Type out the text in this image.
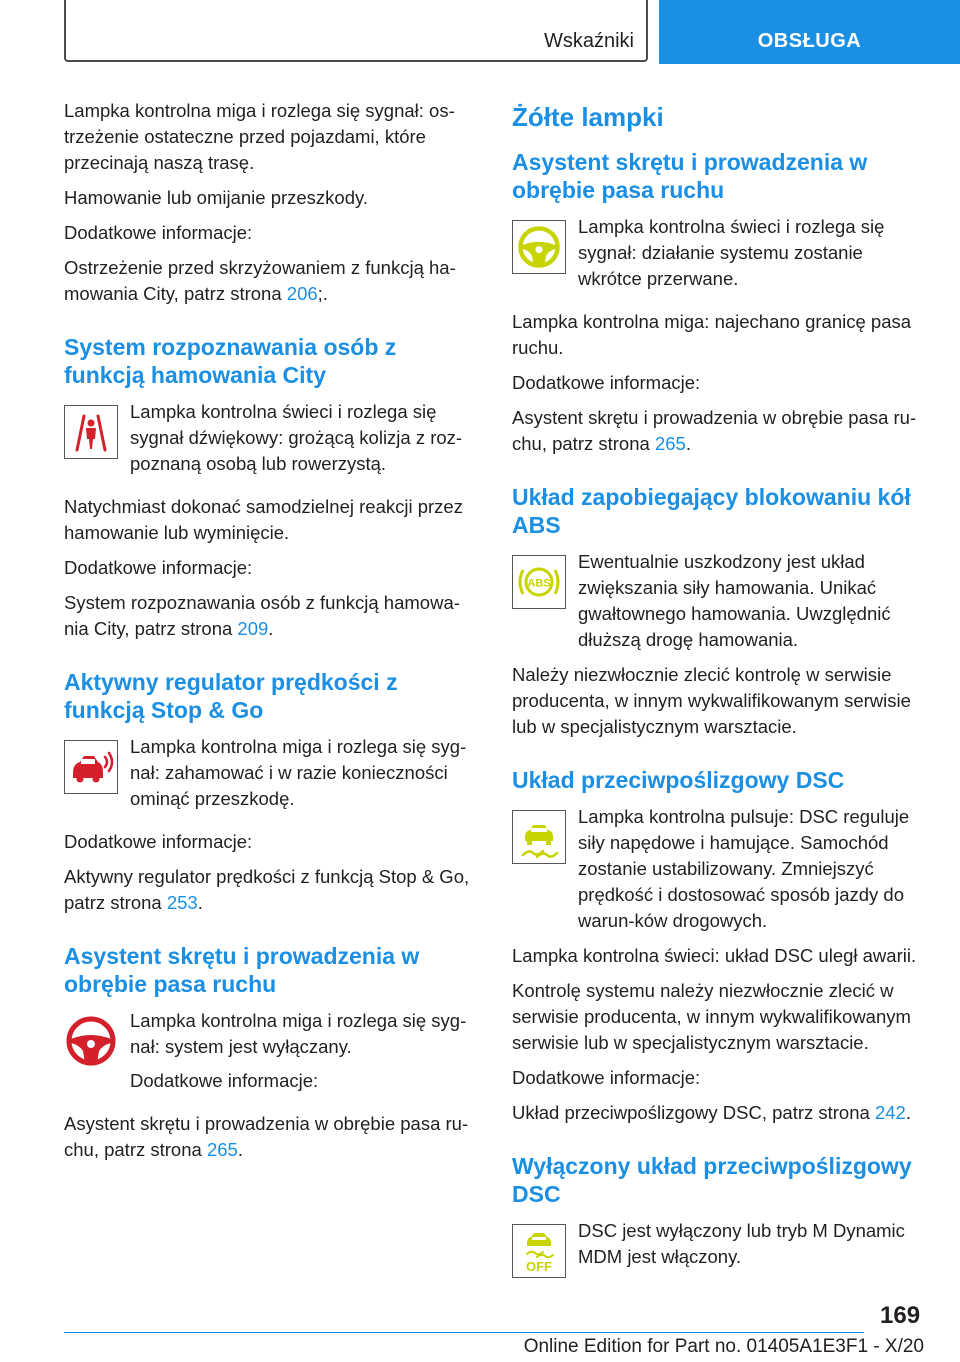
Wskaźniki	OBSŁUGA

Lampka kontrolna miga i rozlega się sygnał: os-trzeżenie ostateczne przed pojazdami, które przecinają naszą trasę.

Hamowanie lub omijanie przeszkody.

Dodatkowe informacje:

Ostrzeżenie przed skrzyżowaniem z funkcją ha-mowania City, patrz strona 206;.

System rozpoznawania osób z funkcją hamowania City

Lampka kontrolna świeci i rozlega się sygnał dźwiękowy: grożącą kolizja z roz-poznaną osobą lub rowerzystą.

Natychmiast dokonać samodzielnej reakcji przez hamowanie lub wyminięcie.

Dodatkowe informacje:

System rozpoznawania osób z funkcją hamowa-nia City, patrz strona 209.

Aktywny regulator prędkości z funkcją Stop & Go

Lampka kontrolna miga i rozlega się syg-nał: zahamować i w razie konieczności ominąć przeszkodę.

Dodatkowe informacje:

Aktywny regulator prędkości z funkcją Stop & Go, patrz strona 253.

Asystent skrętu i prowadzenia w obrębie pasa ruchu

Lampka kontrolna miga i rozlega się syg-nał: system jest wyłączany.

Dodatkowe informacje:

Asystent skrętu i prowadzenia w obrębie pasa ru-chu, patrz strona 265.

Żółte lampki
Asystent skrętu i prowadzenia w obrębie pasa ruchu

Lampka kontrolna świeci i rozlega się sygnał: działanie systemu zostanie wkrótce przerwane.

Lampka kontrolna miga: najechano granicę pasa ruchu.

Dodatkowe informacje:

Asystent skrętu i prowadzenia w obrębie pasa ru-chu, patrz strona 265.

Układ zapobiegający blokowaniu kół ABS
ABS

Ewentualnie uszkodzony jest układ zwiększania siły hamowania. Unikać gwałtownego hamowania. Uwzględnić dłuższą drogę hamowania.

Należy niezwłocznie zlecić kontrolę w serwisie producenta, w innym wykwalifikowanym serwisie lub w specjalistycznym warsztacie.

Układ przeciwpoślizgowy DSC

Lampka kontrolna pulsuje: DSC reguluje siły napędowe i hamujące. Samochód zostanie ustabilizowany. Zmniejszyć prędkość i dostosować sposób jazdy do warun-ków drogowych.

Lampka kontrolna świeci: układ DSC uległ awarii.

Kontrolę systemu należy niezwłocznie zlecić w serwisie producenta, w innym wykwalifikowanym serwisie lub w specjalistycznym warsztacie.

Dodatkowe informacje:

Układ przeciwpoślizgowy DSC, patrz strona 242.

Wyłączony układ przeciwpoślizgowy DSC
OFF

DSC jest wyłączony lub tryb M Dynamic MDM jest włączony.

169
Online Edition for Part no. 01405A1E3F1 - X/20
